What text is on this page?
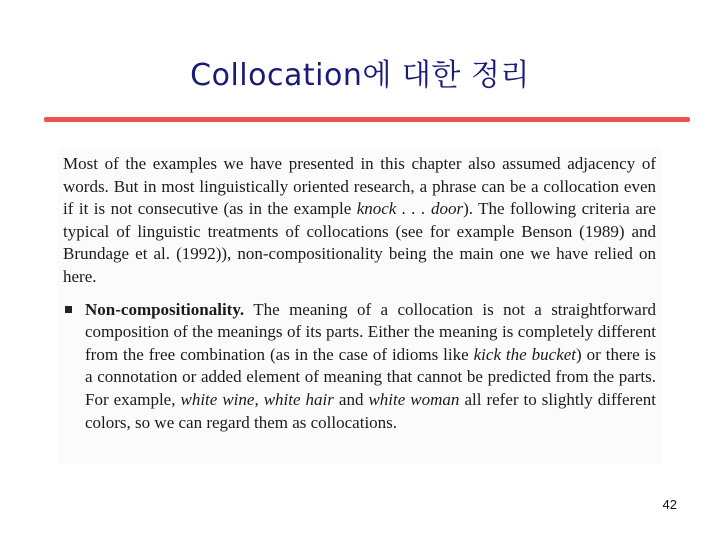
Collocation에 대한 정리

Most of the examples we have presented in this chapter also assumed adjacency of words. But in most linguistically oriented research, a phrase can be a collocation even if it is not consecutive (as in the example knock . . . door). The following criteria are typical of linguistic treatments of collocations (see for example Benson (1989) and Brundage et al. (1992)), non-compositionality being the main one we have relied on here.

Non-compositionality. The meaning of a collocation is not a straightforward composition of the meanings of its parts. Either the meaning is completely different from the free combination (as in the case of idioms like kick the bucket) or there is a connotation or added element of meaning that cannot be predicted from the parts. For example, white wine, white hair and white woman all refer to slightly different colors, so we can regard them as collocations.

42
